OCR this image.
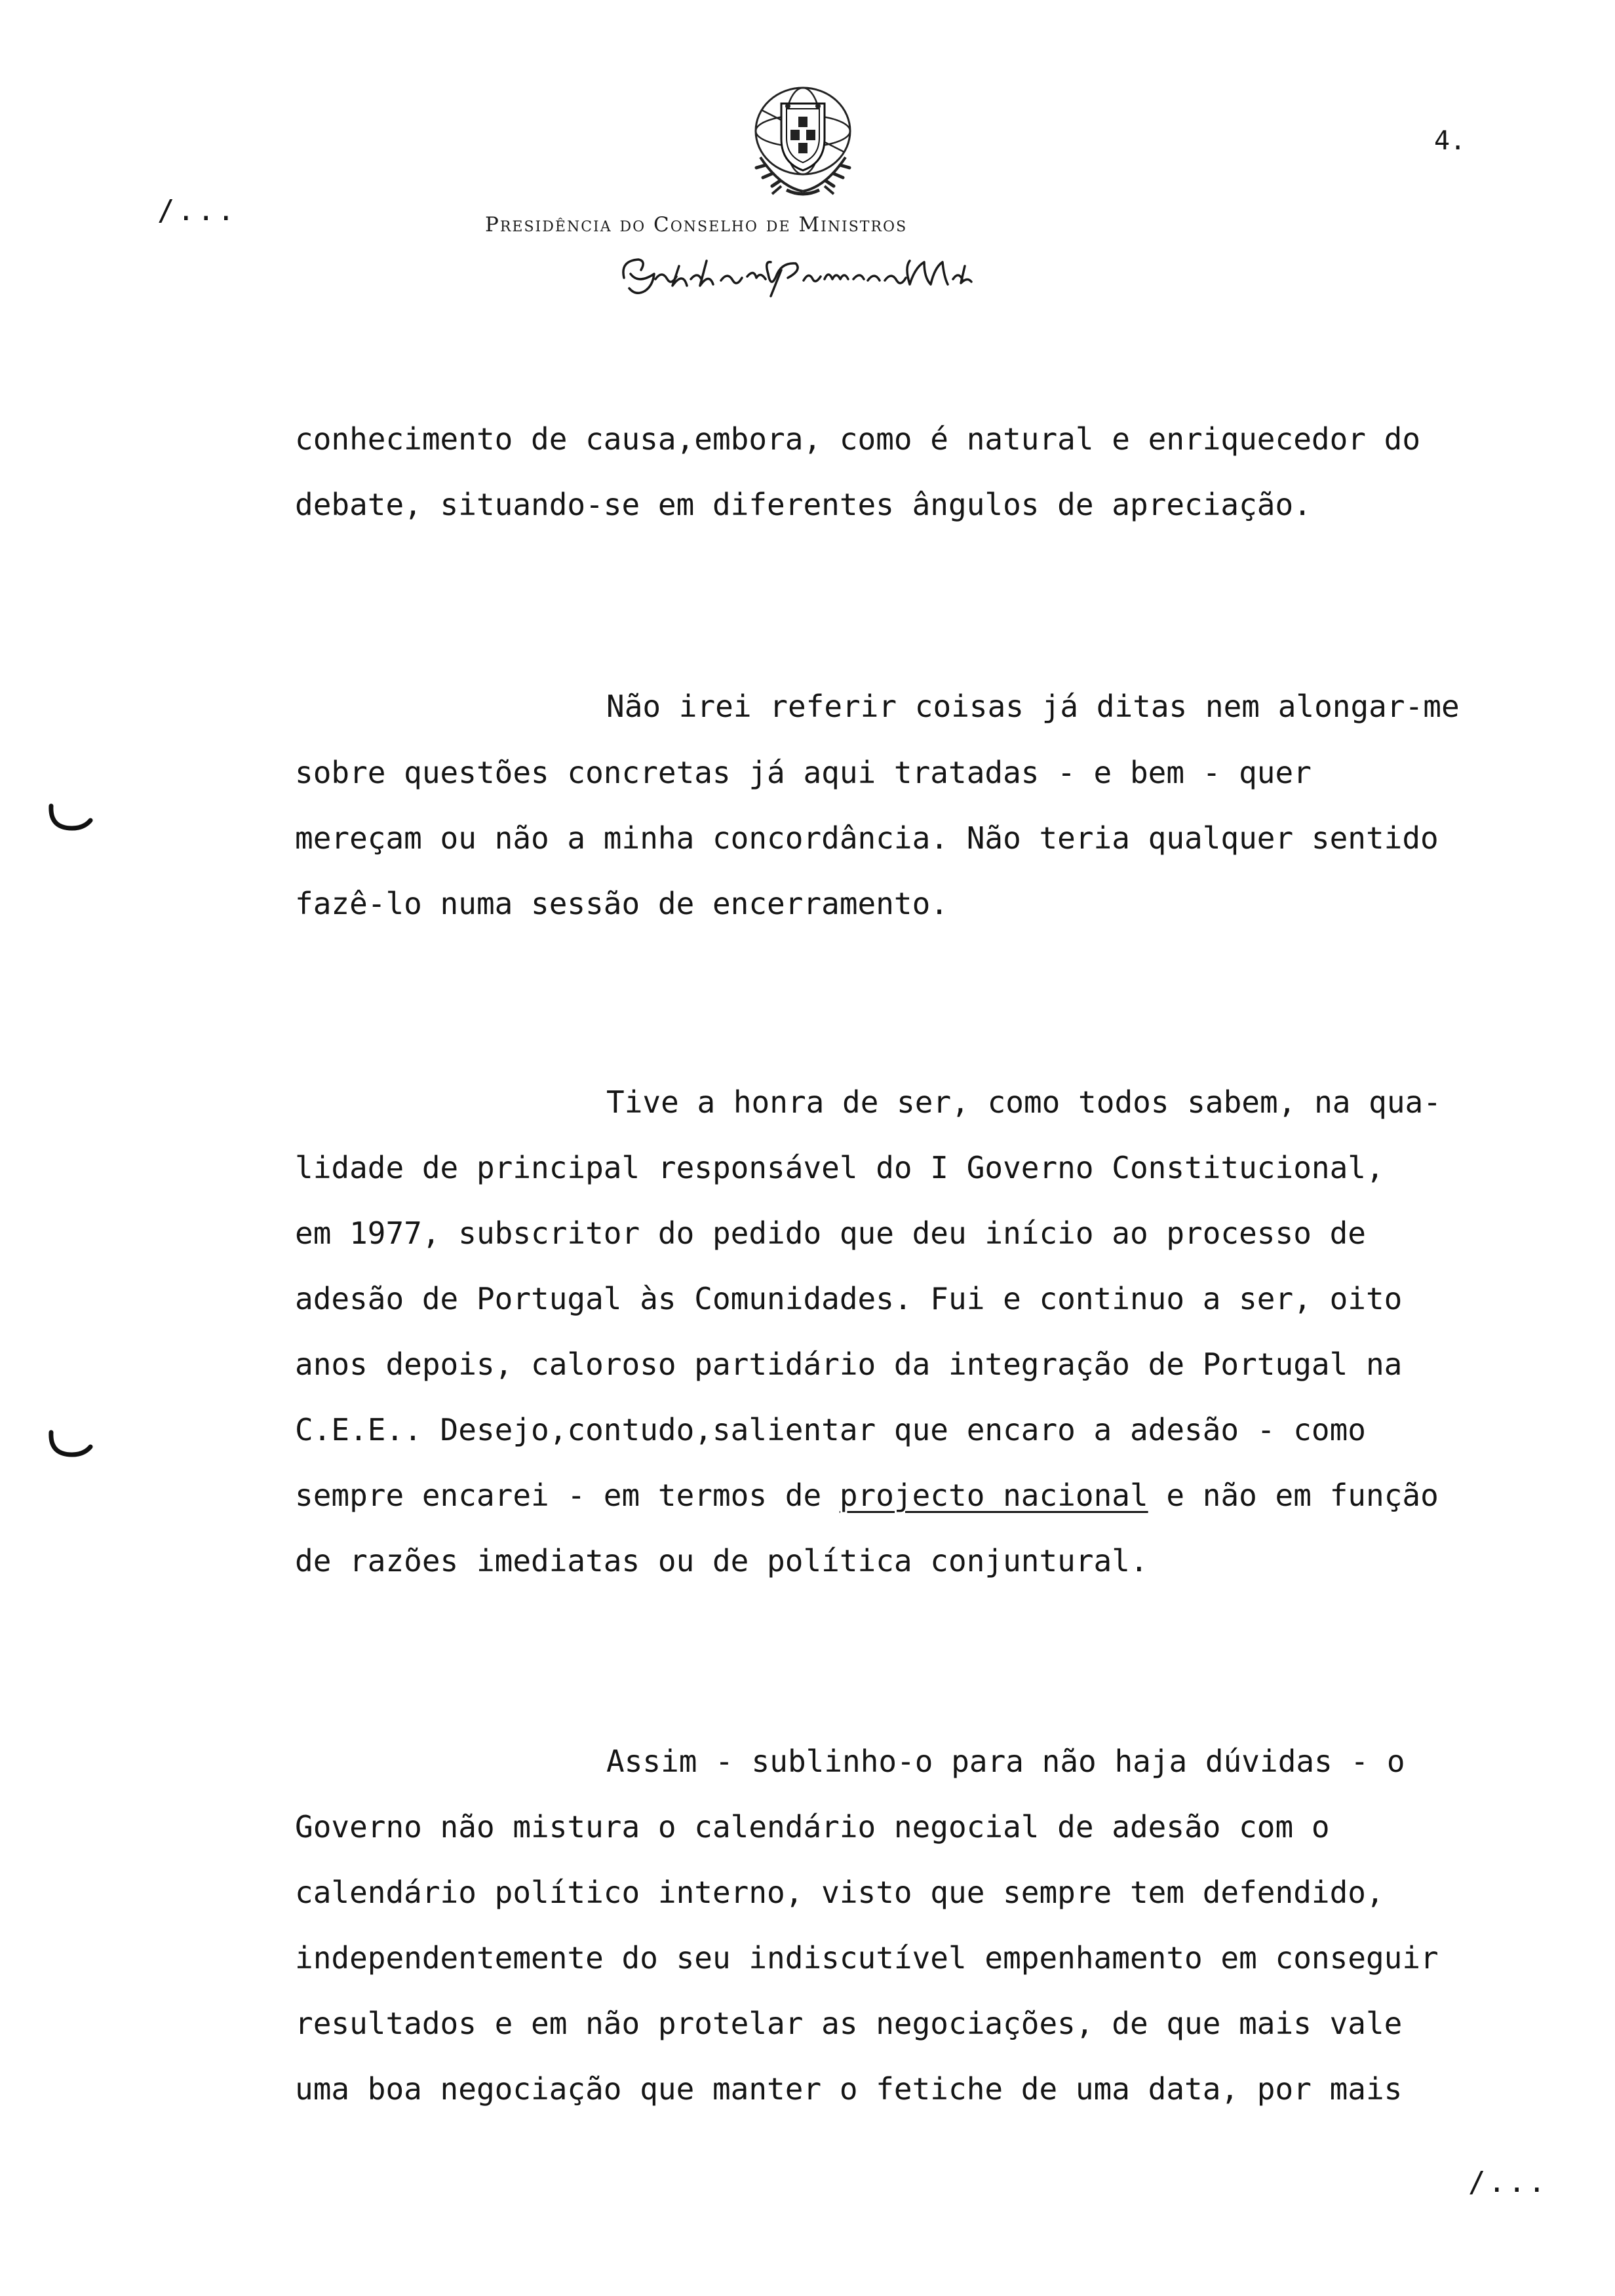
4.
/...	Presidência do Conselho de Ministros
conhecimento de causa,embora, como é natural e enriquecedor do
debate, situando-se em diferentes ângulos de apreciação.
Não irei referir coisas já ditas nem alongar-me
sobre questões concretas já aqui tratadas - e bem - quer
mereçam ou não a minha concordância. Não teria qualquer sentido
fazê-lo numa sessão de encerramento.
Tive a honra de ser, como todos sabem, na qua-
lidade de principal responsável do I Governo Constitucional,
em 1977, subscritor do pedido que deu início ao processo de
adesão de Portugal às Comunidades. Fui e continuo a ser, oito
anos depois, caloroso partidário da integração de Portugal na
C.E.E.. Desejo,contudo,salientar que encaro a adesão - como
sempre encarei - em termos de projecto nacional e não em função
de razões imediatas ou de política conjuntural.
Assim - sublinho-o para não haja dúvidas - o
Governo não mistura o calendário negocial de adesão com o
calendário político interno, visto que sempre tem defendido,
independentemente do seu indiscutível empenhamento em conseguir
resultados e em não protelar as negociações, de que mais vale
uma boa negociação que manter o fetiche de uma data, por mais
/...
